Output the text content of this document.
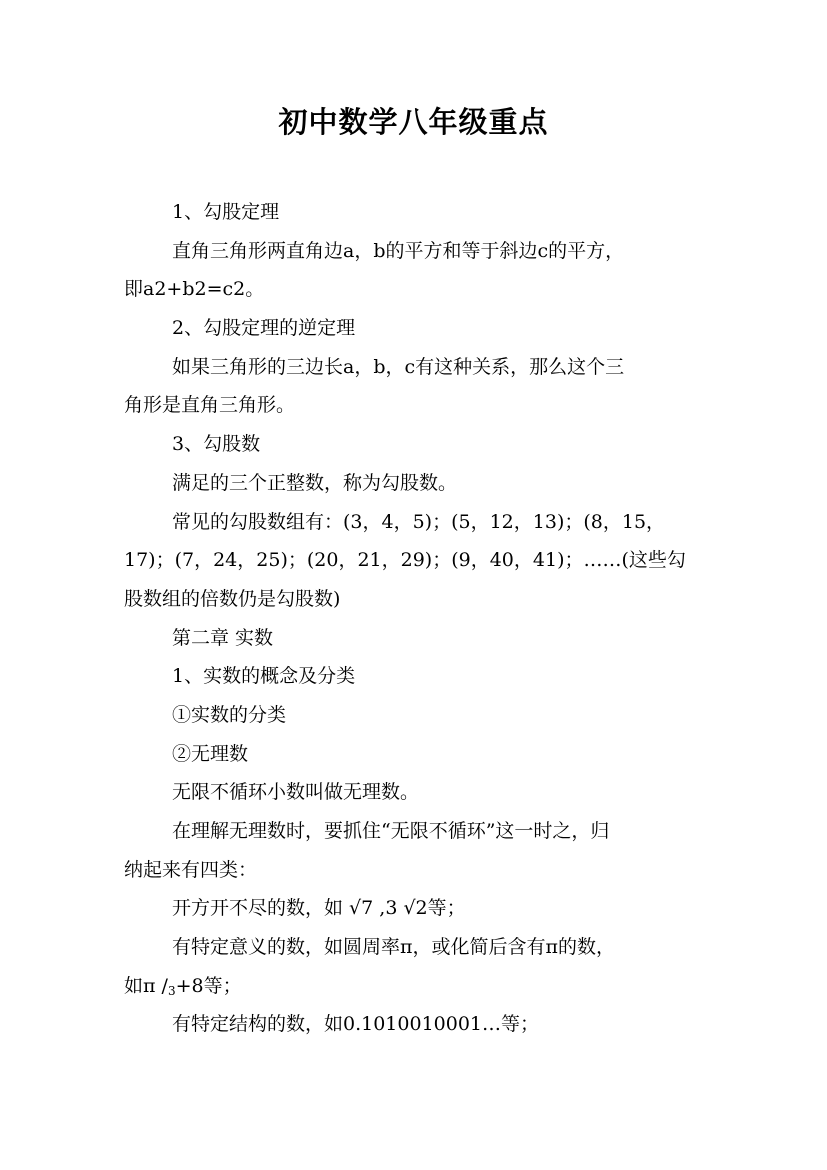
初中数学八年级重点
1、勾股定理
直角三角形两直角边a，b的平方和等于斜边c的平方，
即a2+b2=c2。
2、勾股定理的逆定理
如果三角形的三边长a，b，c有这种关系，那么这个三
角形是直角三角形。
3、勾股数
满足的三个正整数，称为勾股数。
常见的勾股数组有：(3，4，5)；(5，12，13)；(8，15，
17)；(7，24，25)；(20，21，29)；(9，40，41)；……(这些勾
股数组的倍数仍是勾股数)
第二章 实数
1、实数的概念及分类
①实数的分类
②无理数
无限不循环小数叫做无理数。
在理解无理数时，要抓住“无限不循环”这一时之，归
纳起来有四类：
开方开不尽的数，如 √7 ,3 √2等；
有特定意义的数，如圆周率π，或化简后含有π的数，
如π $/_3+8$等；
有特定结构的数，如0.1010010001…等；
